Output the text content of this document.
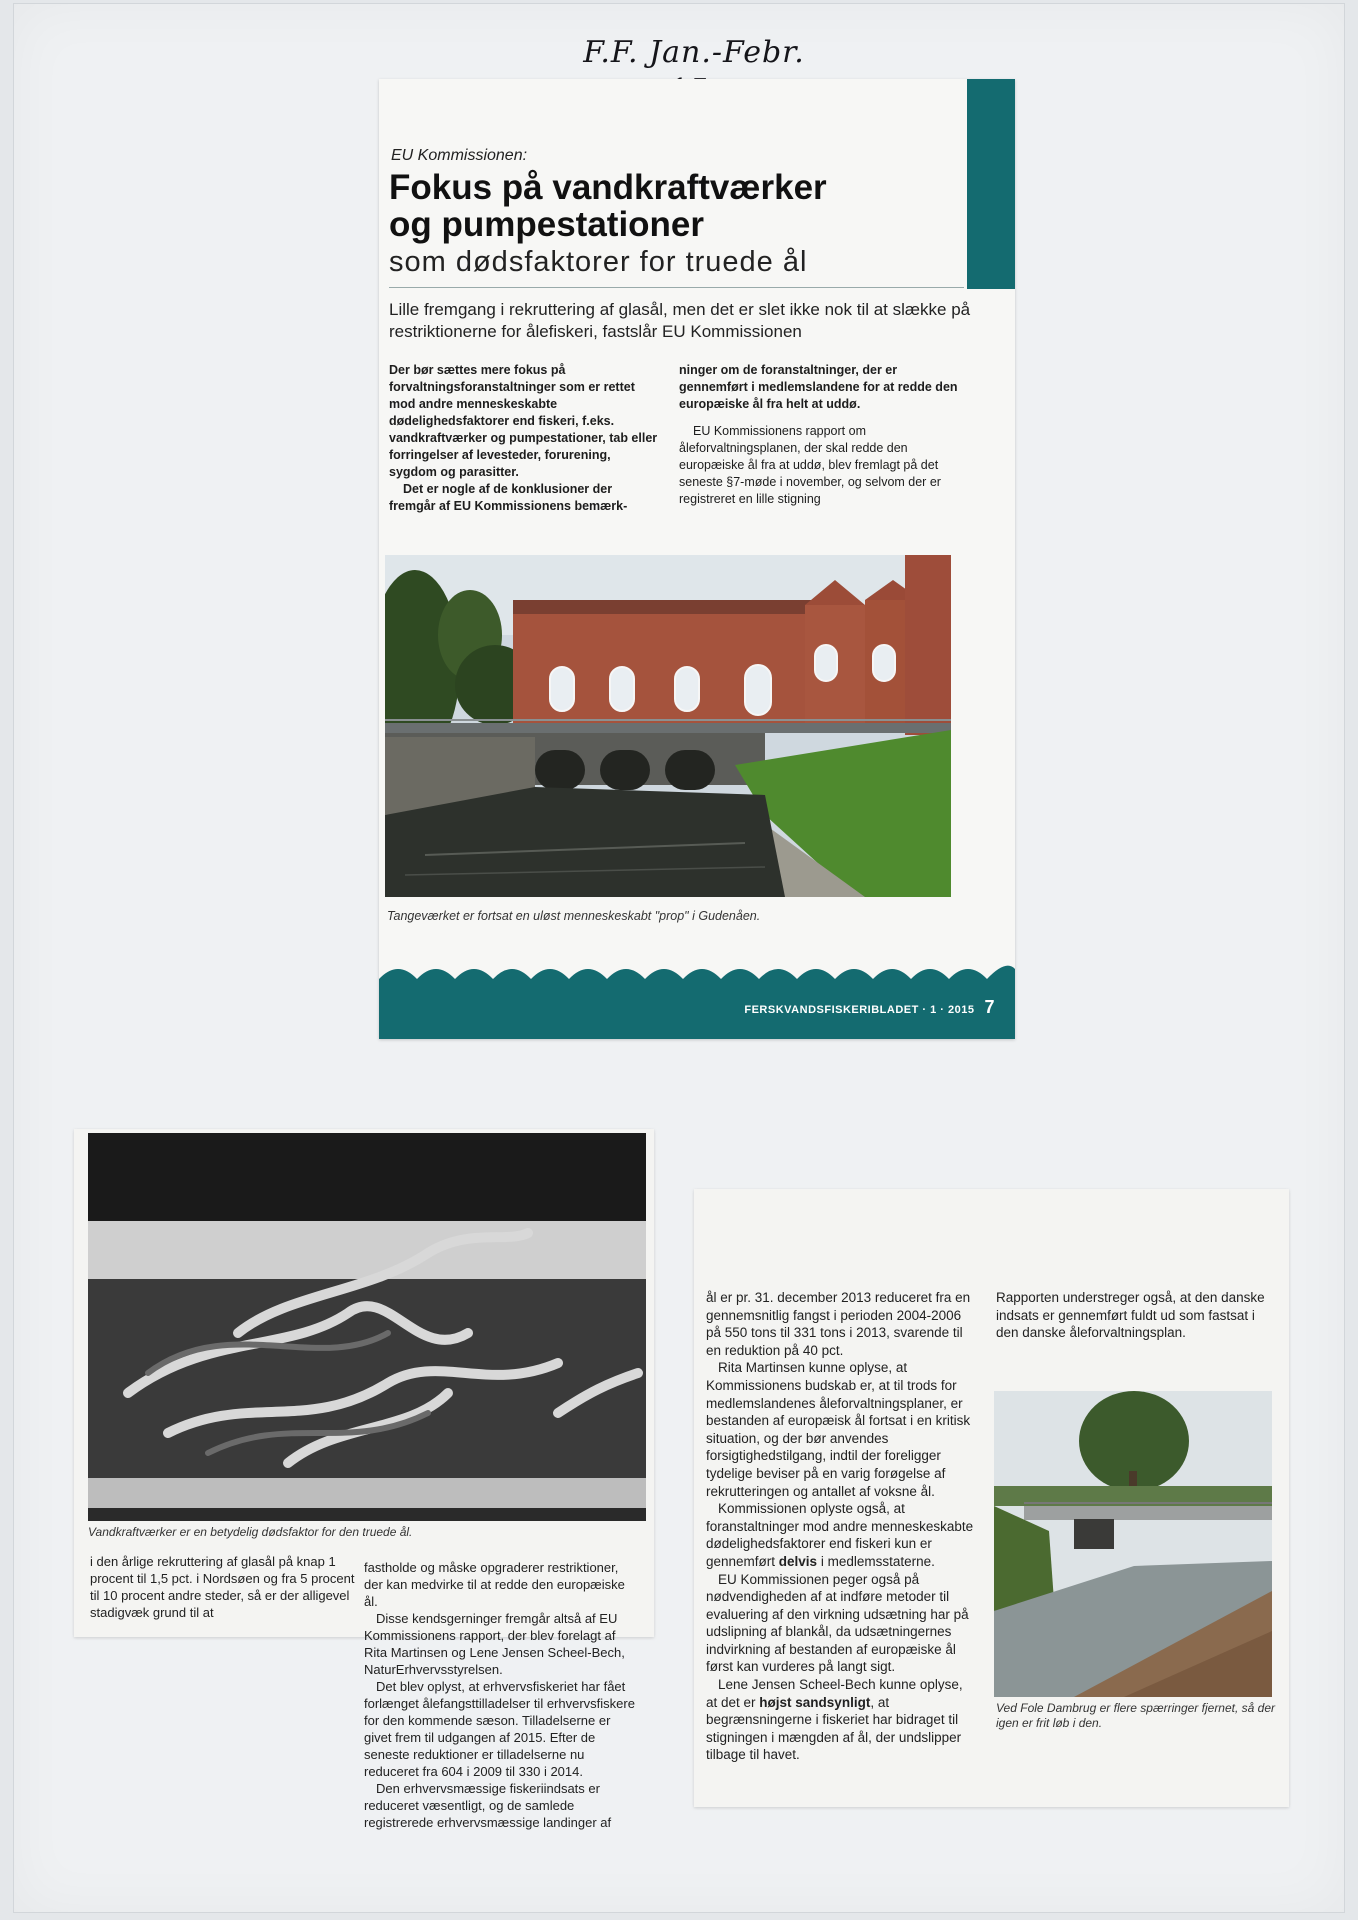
F.F. Jan.-Febr.
EU Kommissionen:
Fokus på vandkraftværker
og pumpestationer
som dødsfaktorer for truede ål

Lille fremgang i rekruttering af glasål, men det er slet ikke nok til at slække på restriktionerne for ålefiskeri, fastslår EU Kommissionen

Der bør sættes mere fokus på forvaltningsforanstaltninger som er rettet mod andre menneskeskabte dødelighedsfaktorer end fiskeri, f.eks. vandkraftværker og pumpestationer, tab eller forringelser af levesteder, forurening, sygdom og parasitter.

Det er nogle af de konklusioner der fremgår af EU Kommissionens bemærk-

ninger om de foranstaltninger, der er gennemført i medlemslandene for at redde den europæiske ål fra helt at uddø.

EU Kommissionens rapport om åleforvaltningsplanen, der skal redde den europæiske ål fra at uddø, blev fremlagt på det seneste §7-møde i november, og selvom der er registreret en lille stigning

Tangeværket er fortsat en uløst menneskeskabt "prop" i Gudenåen.
FERSKVANDSFISKERIBLADET · 1 · 2015 7
Vandkraftværker er en betydelig dødsfaktor for den truede ål.

i den årlige rekruttering af glasål på knap 1 procent til 1,5 pct. i Nordsøen og fra 5 procent til 10 procent andre steder, så er der alligevel stadigvæk grund til at

fastholde og måske opgraderer restriktioner, der kan medvirke til at redde den europæiske ål.

Disse kendsgerninger fremgår altså af EU Kommissionens rapport, der blev forelagt af Rita Martinsen og Lene Jensen Scheel-Bech, NaturErhvervsstyrelsen.

Det blev oplyst, at erhvervsfiskeriet har fået forlænget ålefangsttilladelser til erhvervsfiskere for den kommende sæson. Tilladelserne er givet frem til udgangen af 2015. Efter de seneste reduktioner er tilladelserne nu reduceret fra 604 i 2009 til 330 i 2014.

Den erhvervsmæssige fiskeriindsats er reduceret væsentligt, og de samlede registrerede erhvervsmæssige landinger af

ål er pr. 31. december 2013 reduceret fra en gennemsnitlig fangst i perioden 2004-2006 på 550 tons til 331 tons i 2013, svarende til en reduktion på 40 pct.

Rita Martinsen kunne oplyse, at Kommissionens budskab er, at til trods for medlemslandenes åleforvaltningsplaner, er bestanden af europæisk ål fortsat i en kritisk situation, og der bør anvendes forsigtighedstilgang, indtil der foreligger tydelige beviser på en varig forøgelse af rekrutteringen og antallet af voksne ål.

Kommissionen oplyste også, at foranstaltninger mod andre menneskeskabte dødelighedsfaktorer end fiskeri kun er gennemført delvis i medlemsstaterne.

EU Kommissionen peger også på nødvendigheden af at indføre metoder til evaluering af den virkning udsætning har på udslipning af blankål, da udsætningernes indvirkning af bestanden af europæiske ål først kan vurderes på langt sigt.

Lene Jensen Scheel-Bech kunne oplyse, at det er højst sandsynligt, at begrænsningerne i fiskeriet har bidraget til stigningen i mængden af ål, der undslipper tilbage til havet.

Rapporten understreger også, at den danske indsats er gennemført fuldt ud som fastsat i den danske åleforvaltningsplan.

Ved Fole Dambrug er flere spærringer fjernet, så der igen er frit løb i den.
